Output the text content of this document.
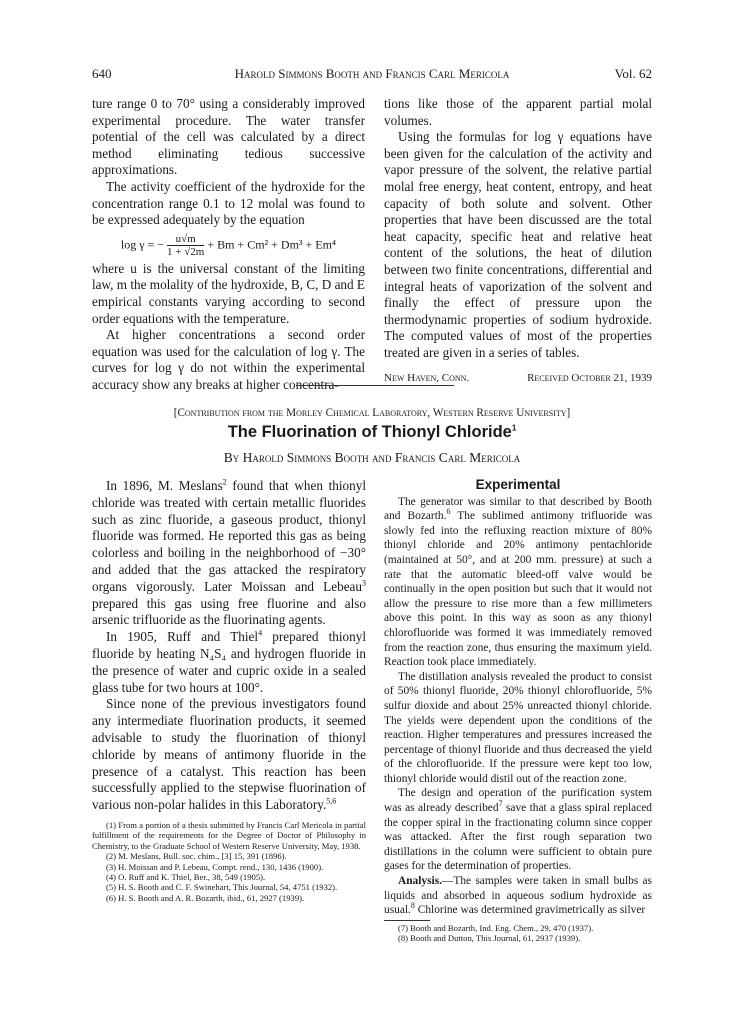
640	Harold Simmons Booth and Francis Carl Mericola	Vol. 62

ture range 0 to 70° using a considerably improved experimental procedure. The water transfer potential of the cell was calculated by a direct method eliminating tedious successive approximations.

The activity coefficient of the hydroxide for the concentration range 0.1 to 12 molal was found to be expressed adequately by the equation

log γ = − $\frac{u√m}{1 + √2m} + Bm + Cm^2 + Dm^3 + Em^4$

where u is the universal constant of the limiting law, m the molality of the hydroxide, B, C, D and E empirical constants varying according to second order equations with the temperature.

At higher concentrations a second order equation was used for the calculation of log γ. The curves for log γ do not within the experimental accuracy show any breaks at higher concentra-

tions like those of the apparent partial molal volumes.

Using the formulas for log γ equations have been given for the calculation of the activity and vapor pressure of the solvent, the relative partial molal free energy, heat content, entropy, and heat capacity of both solute and solvent. Other properties that have been discussed are the total heat capacity, specific heat and relative heat content of the solutions, the heat of dilution between two finite concentrations, differential and integral heats of vaporization of the solvent and finally the effect of pressure upon the thermodynamic properties of sodium hydroxide. The computed values of most of the properties treated are given in a series of tables.

New Haven, Conn.	Received October 21, 1939
[Contribution from the Morley Chemical Laboratory, Western Reserve University]
The Fluorination of Thionyl Chloride$^1$
By Harold Simmons Booth and Francis Carl Mericola

In 1896, M. Meslans$^2$ found that when thionyl chloride was treated with certain metallic fluorides such as zinc fluoride, a gaseous product, thionyl fluoride was formed. He reported this gas as being colorless and boiling in the neighborhood of −30° and added that the gas attacked the respiratory organs vigorously. Later Moissan and Lebeau$^3$ prepared this gas using free fluorine and also arsenic trifluoride as the fluorinating agents.

In 1905, Ruff and Thiel$^4$ prepared thionyl fluoride by heating N₄S₄ and hydrogen fluoride in the presence of water and cupric oxide in a sealed glass tube for two hours at 100°.

Since none of the previous investigators found any intermediate fluorination products, it seemed advisable to study the fluorination of thionyl chloride by means of antimony fluoride in the presence of a catalyst. This reaction has been successfully applied to the stepwise fluorination of various non-polar halides in this Laboratory.$^{5,6}$

(1) From a portion of a thesis submitted by Francis Carl Mericola in partial fulfillment of the requirements for the Degree of Doctor of Philosophy in Chemistry, to the Graduate School of Western Reserve University, May, 1938.

(2) M. Meslans, Bull. soc. chim., [3] 15, 391 (1896).

(3) H. Moissan and P. Lebeau, Compt. rend., 130, 1436 (1900).

(4) O. Ruff and K. Thiel, Ber., 38, 549 (1905).

(5) H. S. Booth and C. F. Swinehart, This Journal, 54, 4751 (1932).

(6) H. S. Booth and A. R. Bozarth, ibid., 61, 2927 (1939).

Experimental

The generator was similar to that described by Booth and Bozarth.$^6$ The sublimed antimony trifluoride was slowly fed into the refluxing reaction mixture of 80% thionyl chloride and 20% antimony pentachloride (maintained at 50°, and at 200 mm. pressure) at such a rate that the automatic bleed-off valve would be continually in the open position but such that it would not allow the pressure to rise more than a few millimeters above this point. In this way as soon as any thionyl chlorofluoride was formed it was immediately removed from the reaction zone, thus ensuring the maximum yield. Reaction took place immediately.

The distillation analysis revealed the product to consist of 50% thionyl fluoride, 20% thionyl chlorofluoride, 5% sulfur dioxide and about 25% unreacted thionyl chloride. The yields were dependent upon the conditions of the reaction. Higher temperatures and pressures increased the percentage of thionyl fluoride and thus decreased the yield of the chlorofluoride. If the pressure were kept too low, thionyl chloride would distil out of the reaction zone.

The design and operation of the purification system was as already described$^7$ save that a glass spiral replaced the copper spiral in the fractionating column since copper was attacked. After the first rough separation two distillations in the column were sufficient to obtain pure gases for the determination of properties.

Analysis.—The samples were taken in small bulbs as liquids and absorbed in aqueous sodium hydroxide as usual.$^8$ Chlorine was determined gravimetrically as silver

(7) Booth and Bozarth, Ind. Eng. Chem., 29, 470 (1937).

(8) Booth and Dutton, This Journal, 61, 2937 (1939).
